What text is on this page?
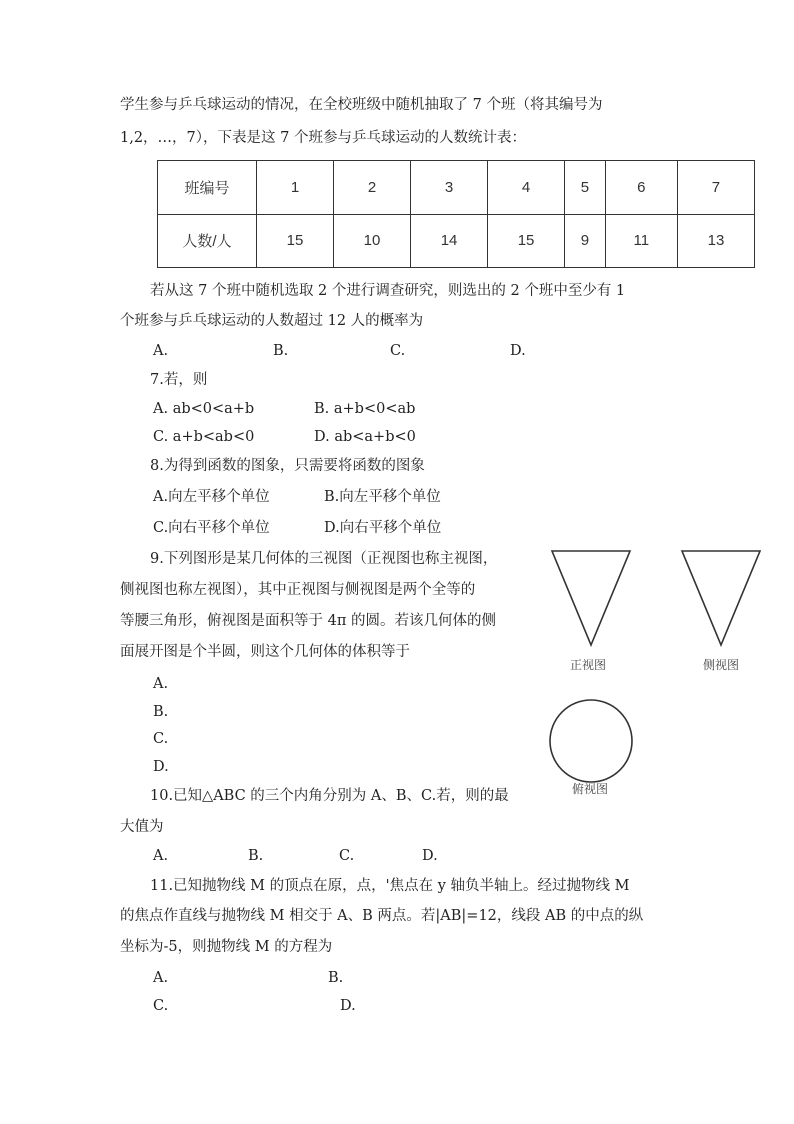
学生参与乒乓球运动的情况，在全校班级中随机抽取了 7 个班（将其编号为
1,2，…，7），下表是这 7 个班参与乒乓球运动的人数统计表：
班编号	1	2	3	4	5	6	7
人数/人	15	10	14	15	9	11	13
若从这 7 个班中随机选取 2 个进行调查研究，则选出的 2 个班中至少有 1
个班参与乒乓球运动的人数超过 12 人的概率为
A.	B.	C.	D.
7.若，则
A. ab<0<a+b	B. a+b<0<ab
C. a+b<ab<0	D. ab<a+b<0
8.为得到函数的图象，只需要将函数的图象
A.向左平移个单位	B.向左平移个单位
C.向右平移个单位	D.向右平移个单位
9.下列图形是某几何体的三视图（正视图也称主视图，
侧视图也称左视图），其中正视图与侧视图是两个全等的
等腰三角形，俯视图是面积等于 4π 的圆。若该几何体的侧
面展开图是个半圆，则这个几何体的体积等于
A.
B.
C.
D.
正视图	侧视图
俯视图
10.已知△ABC 的三个内角分别为 A、B、C.若，则的最
大值为
A.	B.	C.	D.
11.已知抛物线 M 的顶点在原，点，'焦点在 y 轴负半轴上。经过抛物线 M
的焦点作直线与抛物线 M 相交于 A、B 两点。若|AB|=12，线段 AB 的中点的纵
坐标为-5，则抛物线 M 的方程为
A.	B.
C.	D.
